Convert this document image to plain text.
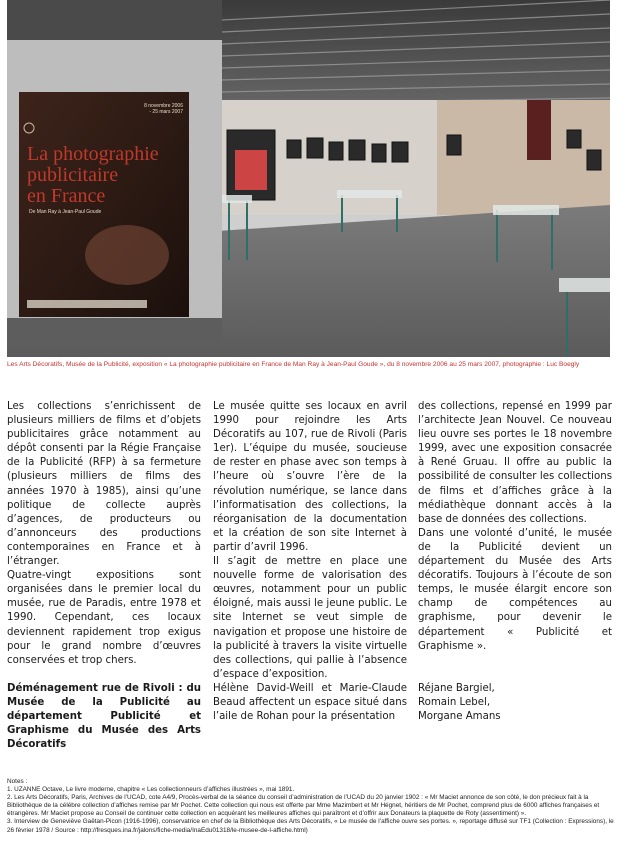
8 novembre 2006
- 25 mars 2007
La photographie
publicitaire
en France
De Man Ray à Jean-Paul Goude
Les Arts Décoratifs, Musée de la Publicité, exposition « La photographie publicitaire en France de Man Ray à Jean-Paul Goude », du 8 novembre 2006 au 25 mars 2007, photographie : Luc Boegly

Les collections s’enrichissent de plusieurs milliers de films et d’objets publicitaires grâce notamment au dépôt consenti par la Régie Française de la Publicité (RFP) à sa fermeture (plusieurs milliers de films des années 1970 à 1985), ainsi qu’une politique de collecte auprès d’agences, de producteurs ou d’annonceurs des productions contemporaines en France et à l’étranger.

Quatre-vingt expositions sont organisées dans le premier local du musée, rue de Paradis, entre 1978 et 1990. Cependant, ces locaux deviennent rapidement trop exigus pour le grand nombre d’œuvres conservées et trop chers.

Déménagement rue de Rivoli : du Musée de la Publicité au département Publicité et Graphisme du Musée des Arts Décoratifs

Le musée quitte ses locaux en avril 1990 pour rejoindre les Arts Décoratifs au 107, rue de Rivoli (Paris 1er). L’équipe du musée, soucieuse de rester en phase avec son temps à l’heure où s’ouvre l’ère de la révolution numérique, se lance dans l’informatisation des collections, la réorganisation de la documentation et la création de son site Internet à partir d’avril 1996.

Il s’agit de mettre en place une nouvelle forme de valorisation des œuvres, notamment pour un public éloigné, mais aussi le jeune public. Le site Internet se veut simple de navigation et propose une histoire de la publicité à travers la visite virtuelle des collections, qui pallie à l’absence d’espace d’exposition.

Hélène David-Weill et Marie-Claude Beaud affectent un espace situé dans l’aile de Rohan pour la présentation

des collections, repensé en 1999 par l’architecte Jean Nouvel. Ce nouveau lieu ouvre ses portes le 18 novembre 1999, avec une exposition consacrée à René Gruau. Il offre au public la possibilité de consulter les collections de films et d’affiches grâce à la médiathèque donnant accès à la base de données des collections.

Dans une volonté d’unité, le musée de la Publicité devient un département du Musée des Arts décoratifs. Toujours à l’écoute de son temps, le musée élargit encore son champ de compétences au graphisme, pour devenir le département « Publicité et Graphisme ».

Réjane Bargiel,

Romain Lebel,

Morgane Amans

Notes :

1. UZANNE Octave, Le livre moderne, chapitre « Les collectionneurs d’affiches illustrées », mai 1891.

2. Les Arts Décoratifs, Paris, Archives de l’UCAD, cote A4/9, Procès-verbal de la séance du conseil d’administration de l’UCAD du 20 janvier 1902 : « Mr Maciet annonce de son côté, le don précieux fait à la Bibliothèque de la célèbre collection d’affiches remise par Mr Pochet. Cette collection qui nous est offerte par Mme Mazimbert et Mr Hégnet, héritiers de Mr Pochet, comprend plus de 6000 affiches françaises et étrangères. Mr Maciet propose au Conseil de continuer cette collection en acquérant les meilleures affiches qui paraîtront et d’offrir aux Donateurs la plaquette de Roty (assentiment) ».

3. Interview de Geneviève Gaëtan-Picon (1916-1996), conservatrice en chef de la Bibliothèque des Arts Décoratifs, « Le musée de l’affiche ouvre ses portes. », reportage diffusé sur TF1 (Collection : Expressions), le 26 février 1978 / Source : http://fresques.ina.fr/jalons/fiche-media/InaEdu01318/le-musee-de-l-affiche.html)
